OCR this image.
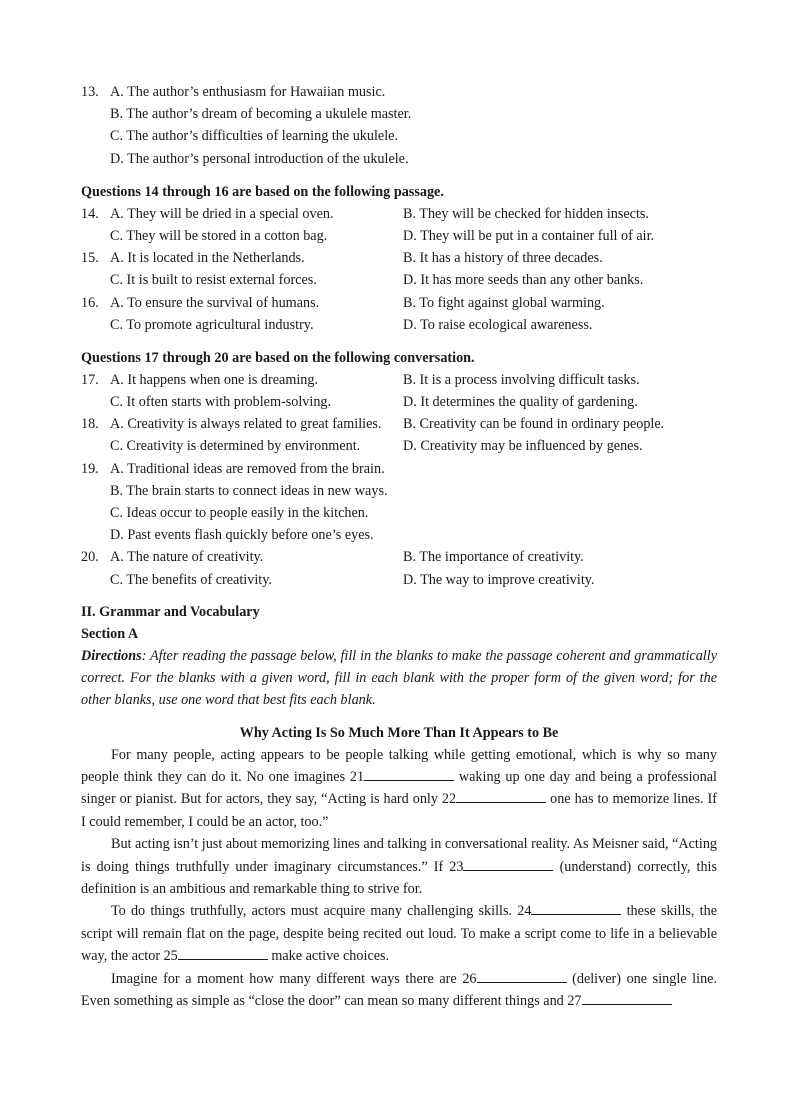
13. A. The author’s enthusiasm for Hawaiian music.
B. The author’s dream of becoming a ukulele master.
C. The author’s difficulties of learning the ukulele.
D. The author’s personal introduction of the ukulele.
Questions 14 through 16 are based on the following passage.
14. A. They will be dried in a special oven.	B. They will be checked for hidden insects.
C. They will be stored in a cotton bag.	D. They will be put in a container full of air.
15. A. It is located in the Netherlands.	B. It has a history of three decades.
C. It is built to resist external forces.	D. It has more seeds than any other banks.
16. A. To ensure the survival of humans.	B. To fight against global warming.
C. To promote agricultural industry.	D. To raise ecological awareness.
Questions 17 through 20 are based on the following conversation.
17. A. It happens when one is dreaming.	B. It is a process involving difficult tasks.
C. It often starts with problem-solving.	D. It determines the quality of gardening.
18. A. Creativity is always related to great families. B. Creativity can be found in ordinary people.
C. Creativity is determined by environment.	D. Creativity may be influenced by genes.
19. A. Traditional ideas are removed from the brain.
B. The brain starts to connect ideas in new ways.
C. Ideas occur to people easily in the kitchen.
D. Past events flash quickly before one’s eyes.
20. A. The nature of creativity.	B. The importance of creativity.
C. The benefits of creativity.	D. The way to improve creativity.
II. Grammar and Vocabulary
Section A

Directions: After reading the passage below, fill in the blanks to make the passage coherent and grammatically correct. For the blanks with a given word, fill in each blank with the proper form of the given word; for the other blanks, use one word that best fits each blank.

Why Acting Is So Much More Than It Appears to Be

For many people, acting appears to be people talking while getting emotional, which is why so many people think they can do it. No one imagines 21	waking up one day and being a professional singer or pianist. But for actors, they say, “Acting is hard only 22	one has to memorize lines. If I could remember, I could be an actor, too.”

But acting isn’t just about memorizing lines and talking in conversational reality. As Meisner said, “Acting is doing things truthfully under imaginary circumstances.” If 23	(understand) correctly, this definition is an ambitious and remarkable thing to strive for.

To do things truthfully, actors must acquire many challenging skills. 24	these skills, the script will remain flat on the page, despite being recited out loud. To make a script come to life in a believable way, the actor 25	make active choices.

Imagine for a moment how many different ways there are 26	(deliver) one single line. Even something as simple as “close the door” can mean so many different things and 27
